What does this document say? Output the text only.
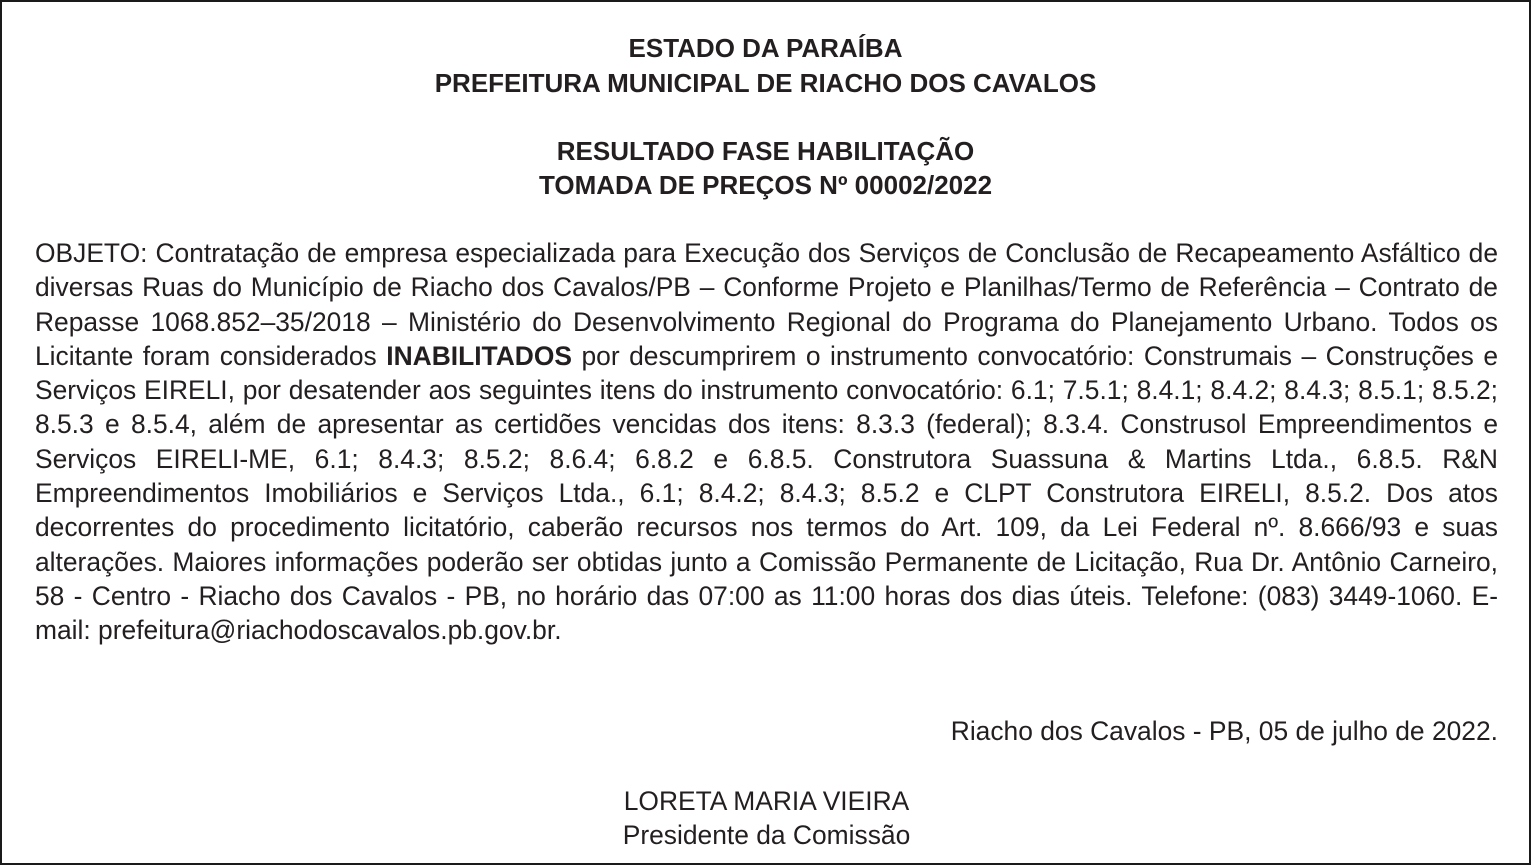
ESTADO DA PARAÍBA
PREFEITURA MUNICIPAL DE RIACHO DOS CAVALOS
RESULTADO FASE HABILITAÇÃO
TOMADA DE PREÇOS Nº 00002/2022
OBJETO: Contratação de empresa especializada para Execução dos Serviços de Conclusão de Recapeamento Asfáltico de diversas Ruas do Município de Riacho dos Cavalos/PB – Conforme Projeto e Planilhas/Termo de Referência – Contrato de Repasse 1068.852–35/2018 – Ministério do Desenvolvimento Regional do Programa do Planejamento Urbano. Todos os Licitante foram considerados INABILITADOS por descumprirem o instrumento convocatório: Construmais – Construções e Serviços EIRELI, por desatender aos seguintes itens do instrumento convocatório: 6.1; 7.5.1; 8.4.1; 8.4.2; 8.4.3; 8.5.1; 8.5.2; 8.5.3 e 8.5.4, além de apresentar as certidões vencidas dos itens: 8.3.3 (federal); 8.3.4. Construsol Empreendimentos e Serviços EIRELI-ME, 6.1; 8.4.3; 8.5.2; 8.6.4; 6.8.2 e 6.8.5. Construtora Suassuna & Martins Ltda., 6.8.5. R&N Empreendimentos Imobiliários e Serviços Ltda., 6.1; 8.4.2; 8.4.3; 8.5.2 e CLPT Construtora EIRELI, 8.5.2. Dos atos decorrentes do procedimento licitatório, caberão recursos nos termos do Art. 109, da Lei Federal nº. 8.666/93 e suas alterações. Maiores informações poderão ser obtidas junto a Comissão Permanente de Licitação, Rua Dr. Antônio Carneiro, 58 - Centro - Riacho dos Cavalos - PB, no horário das 07:00 as 11:00 horas dos dias úteis. Telefone: (083) 3449-1060. E-mail: prefeitura@riachodoscavalos.pb.gov.br.
Riacho dos Cavalos - PB, 05 de julho de 2022.
LORETA MARIA VIEIRA
Presidente da Comissão
